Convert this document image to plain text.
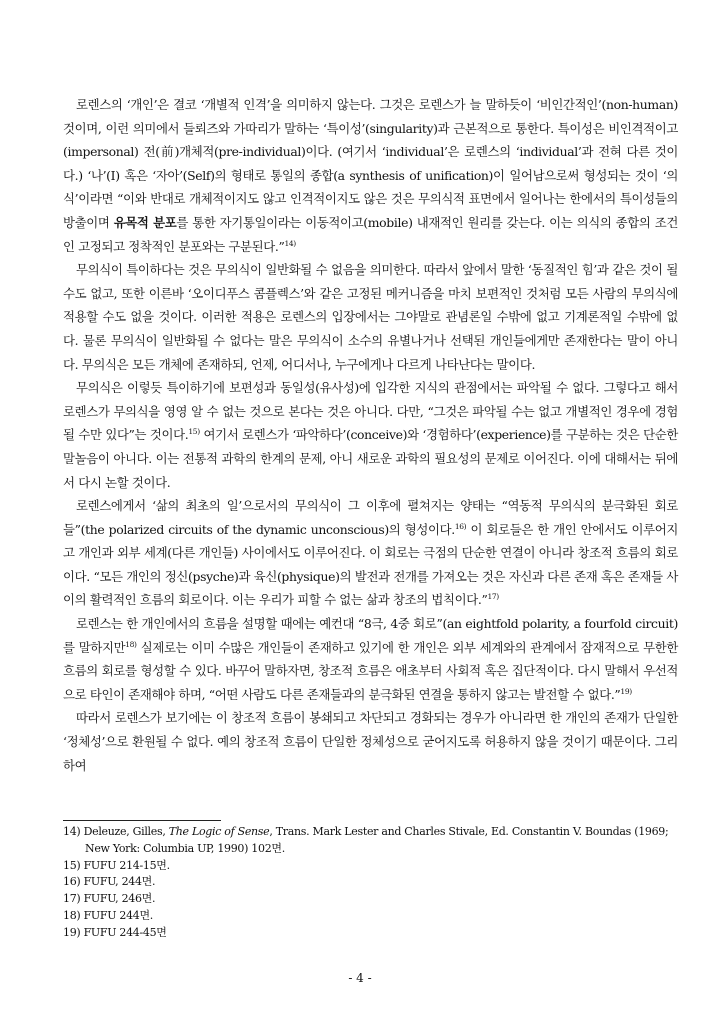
로렌스의 ‘개인’은 결코 ‘개별적 인격’을 의미하지 않는다. 그것은 로렌스가 늘 말하듯이 ‘비인간적인’(non-human) 것이며, 이런 의미에서 들뢰즈와 가따리가 말하는 ‘특이성’(singularity)과 근본적으로 통한다. 특이성은 비인격적이고(impersonal) 전(前)개체적(pre-individual)이다. (여기서 ‘individual’은 로렌스의 ‘individual’과 전혀 다른 것이다.) ‘나’(I) 혹은 ‘자아’(Self)의 형태로 통일의 종합(a synthesis of unification)이 일어남으로써 형성되는 것이 ‘의식’이라면 “이와 반대로 개체적이지도 않고 인격적이지도 않은 것은 무의식적 표면에서 일어나는 한에서의 특이성들의 방출이며 유목적 분포를 통한 자기통일이라는 이동적이고(mobile) 내재적인 원리를 갖는다. 이는 의식의 종합의 조건인 고정되고 정착적인 분포와는 구분된다.”$^{14)}$

무의식이 특이하다는 것은 무의식이 일반화될 수 없음을 의미한다. 따라서 앞에서 말한 ‘동질적인 힘’과 같은 것이 될 수도 없고, 또한 이른바 ‘오이디푸스 콤플렉스’와 같은 고정된 메커니즘을 마치 보편적인 것처럼 모든 사람의 무의식에 적용할 수도 없을 것이다. 이러한 적용은 로렌스의 입장에서는 그야말로 관념론일 수밖에 없고 기계론적일 수밖에 없다. 물론 무의식이 일반화될 수 없다는 말은 무의식이 소수의 유별나거나 선택된 개인들에게만 존재한다는 말이 아니다. 무의식은 모든 개체에 존재하되, 언제, 어디서나, 누구에게나 다르게 나타난다는 말이다.

무의식은 이렇듯 특이하기에 보편성과 동일성(유사성)에 입각한 지식의 관점에서는 파악될 수 없다. 그렇다고 해서 로렌스가 무의식을 영영 알 수 없는 것으로 본다는 것은 아니다. 다만, “그것은 파악될 수는 없고 개별적인 경우에 경험될 수만 있다”는 것이다.$^{15)}$ 여기서 로렌스가 ‘파악하다’(conceive)와 ‘경험하다’(experience)를 구분하는 것은 단순한 말놀음이 아니다. 이는 전통적 과학의 한계의 문제, 아니 새로운 과학의 필요성의 문제로 이어진다. 이에 대해서는 뒤에서 다시 논할 것이다.

로렌스에게서 ‘삶의 최초의 일’으로서의 무의식이 그 이후에 펼쳐지는 양태는 “역동적 무의식의 분극화된 회로들”(the polarized circuits of the dynamic unconscious)의 형성이다.$^{16)}$ 이 회로들은 한 개인 안에서도 이루어지고 개인과 외부 세계(다른 개인들) 사이에서도 이루어진다. 이 회로는 극점의 단순한 연결이 아니라 창조적 흐름의 회로이다. “모든 개인의 정신(psyche)과 육신(physique)의 발전과 전개를 가져오는 것은 자신과 다른 존재 혹은 존재들 사이의 활력적인 흐름의 회로이다. 이는 우리가 피할 수 없는 삶과 창조의 법칙이다.”$^{17)}$

로렌스는 한 개인에서의 흐름을 설명할 때에는 예컨대 “8극, 4중 회로”(an eightfold polarity, a fourfold circuit)를 말하지만$^{18)}$ 실제로는 이미 수많은 개인들이 존재하고 있기에 한 개인은 외부 세계와의 관계에서 잠재적으로 무한한 흐름의 회로를 형성할 수 있다. 바꾸어 말하자면, 창조적 흐름은 애초부터 사회적 혹은 집단적이다. 다시 말해서 우선적으로 타인이 존재해야 하며, “어떤 사람도 다른 존재들과의 분극화된 연결을 통하지 않고는 발전할 수 없다.”$^{19)}$

따라서 로렌스가 보기에는 이 창조적 흐름이 봉쇄되고 차단되고 경화되는 경우가 아니라면 한 개인의 존재가 단일한 ‘정체성’으로 환원될 수 없다. 예의 창조적 흐름이 단일한 정체성으로 굳어지도록 허용하지 않을 것이기 때문이다. 그리하여

14) Deleuze, Gilles, The Logic of Sense, Trans. Mark Lester and Charles Stivale, Ed. Constantin V. Boundas (1969; New York: Columbia UP, 1990) 102면.

15) FUFU 214-15면.

16) FUFU, 244면.

17) FUFU, 246면.

18) FUFU 244면.

19) FUFU 244-45면

- 4 -
